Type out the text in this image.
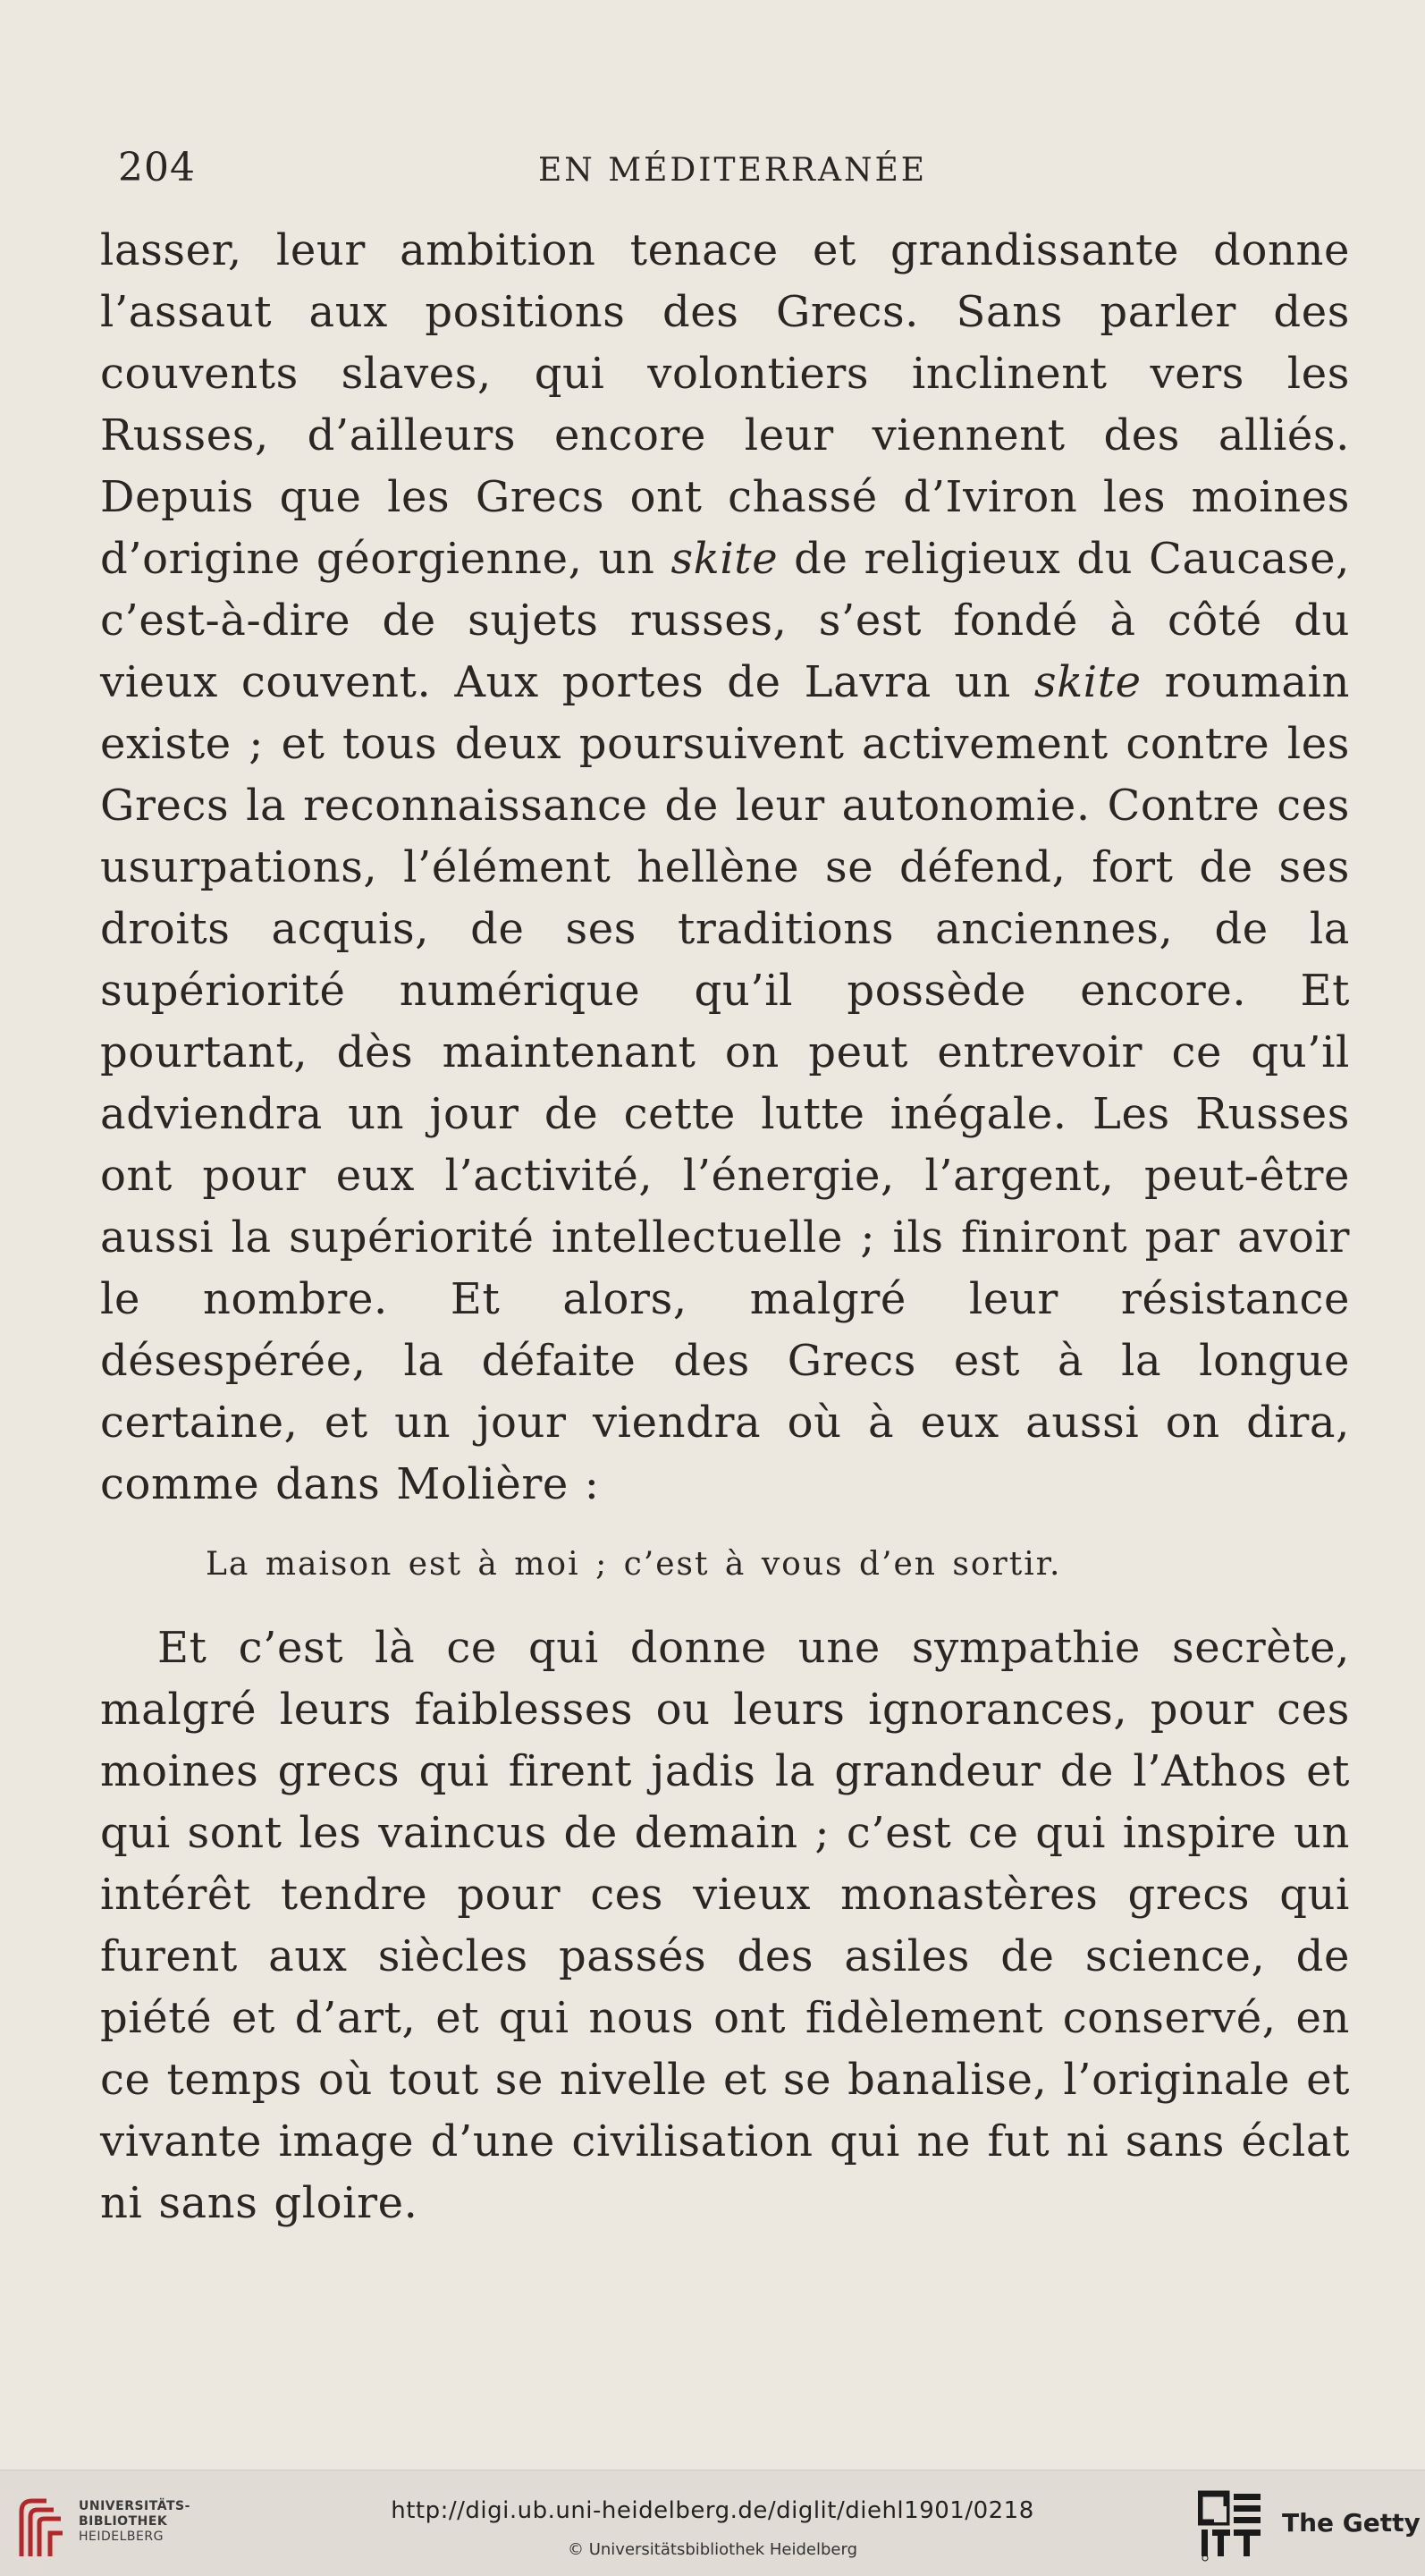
204	EN MÉDITERRANÉE

lasser, leur ambition tenace et grandissante donne l’assaut aux positions des Grecs. Sans parler des couvents slaves, qui volontiers inclinent vers les Russes, d’ailleurs encore leur viennent des alliés. Depuis que les Grecs ont chassé d’Iviron les moines d’origine géorgienne, un skite de religieux du Caucase, c’est-à-dire de sujets russes, s’est fondé à côté du vieux couvent. Aux portes de Lavra un skite roumain existe ; et tous deux poursuivent activement contre les Grecs la reconnaissance de leur autonomie. Contre ces usurpations, l’élément hellène se défend, fort de ses droits acquis, de ses traditions anciennes, de la supériorité numérique qu’il possède encore. Et pourtant, dès maintenant on peut entrevoir ce qu’il adviendra un jour de cette lutte inégale. Les Russes ont pour eux l’activité, l’énergie, l’argent, peut-être aussi la supériorité intellectuelle ; ils finiront par avoir le nombre. Et alors, malgré leur résistance désespérée, la défaite des Grecs est à la longue certaine, et un jour viendra où à eux aussi on dira, comme dans Molière :

La maison est à moi ; c’est à vous d’en sortir.

Et c’est là ce qui donne une sympathie secrète, malgré leurs faiblesses ou leurs ignorances, pour ces moines grecs qui firent jadis la grandeur de l’Athos et qui sont les vaincus de demain ; c’est ce qui inspire un intérêt tendre pour ces vieux monastères grecs qui furent aux siècles passés des asiles de science, de piété et d’art, et qui nous ont fidèlement conservé, en ce temps où tout se nivelle et se banalise, l’originale et vivante image d’une civilisation qui ne fut ni sans éclat ni sans gloire.

UNIVERSITÄTS-
BIBLIOTHEK
HEIDELBERG
http://digi.ub.uni-heidelberg.de/diglit/diehl1901/0218
© Universitätsbibliothek Heidelberg
The Getty
